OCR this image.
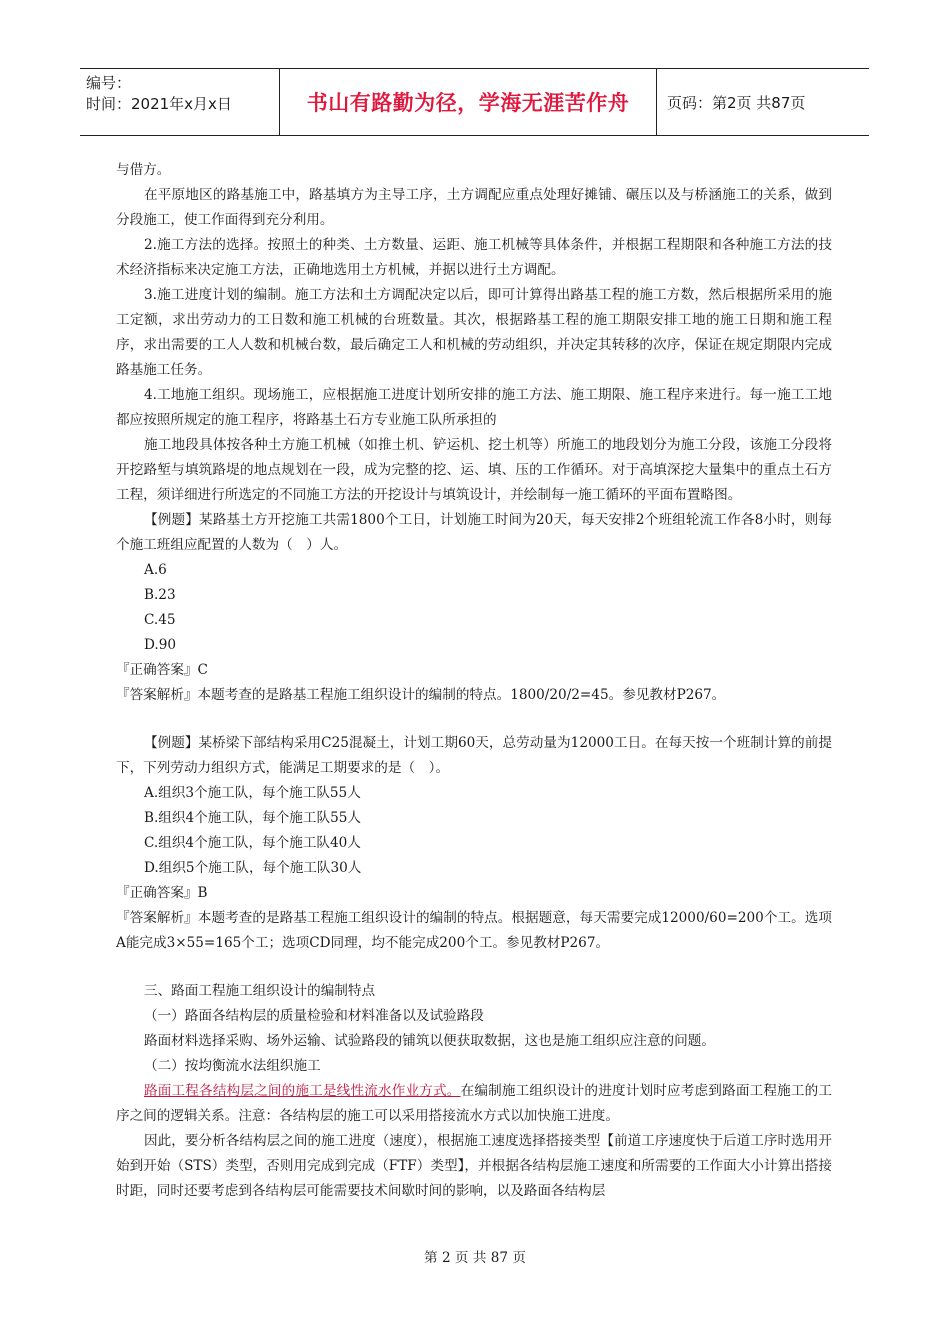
编号：
时间：2021年x月x日	书山有路勤为径，学海无涯苦作舟	页码：第2页 共87页

与借方。

在平原地区的路基施工中，路基填方为主导工序，土方调配应重点处理好摊铺、碾压以及与桥涵施工的关系，做到分段施工，使工作面得到充分利用。

2.施工方法的选择。按照土的种类、土方数量、运距、施工机械等具体条件，并根据工程期限和各种施工方法的技术经济指标来决定施工方法，正确地选用土方机械，并据以进行土方调配。

3.施工进度计划的编制。施工方法和土方调配决定以后，即可计算得出路基工程的施工方数，然后根据所采用的施工定额，求出劳动力的工日数和施工机械的台班数量。其次，根据路基工程的施工期限安排工地的施工日期和施工程序，求出需要的工人人数和机械台数，最后确定工人和机械的劳动组织，并决定其转移的次序，保证在规定期限内完成路基施工任务。

4.工地施工组织。现场施工，应根据施工进度计划所安排的施工方法、施工期限、施工程序来进行。每一施工工地都应按照所规定的施工程序，将路基土石方专业施工队所承担的

施工地段具体按各种土方施工机械（如推土机、铲运机、挖土机等）所施工的地段划分为施工分段，该施工分段将开挖路堑与填筑路堤的地点规划在一段，成为完整的挖、运、填、压的工作循环。对于高填深挖大量集中的重点土石方工程，须详细进行所选定的不同施工方法的开挖设计与填筑设计，并绘制每一施工循环的平面布置略图。

【例题】某路基土方开挖施工共需1800个工日，计划施工时间为20天，每天安排2个班组轮流工作各8小时，则每个施工班组应配置的人数为（　）人。

A.6

B.23

C.45

D.90

『正确答案』C

『答案解析』本题考查的是路基工程施工组织设计的编制的特点。1800/20/2=45。参见教材P267。

【例题】某桥梁下部结构采用C25混凝土，计划工期60天，总劳动量为12000工日。在每天按一个班制计算的前提下，下列劳动力组织方式，能满足工期要求的是（　）。

A.组织3个施工队，每个施工队55人

B.组织4个施工队，每个施工队55人

C.组织4个施工队，每个施工队40人

D.组织5个施工队，每个施工队30人

『正确答案』B

『答案解析』本题考查的是路基工程施工组织设计的编制的特点。根据题意，每天需要完成12000/60=200个工。选项A能完成3×55=165个工；选项CD同理，均不能完成200个工。参见教材P267。

三、路面工程施工组织设计的编制特点

（一）路面各结构层的质量检验和材料准备以及试验路段

路面材料选择采购、场外运输、试验路段的铺筑以便获取数据，这也是施工组织应注意的问题。

（二）按均衡流水法组织施工

路面工程各结构层之间的施工是线性流水作业方式。在编制施工组织设计的进度计划时应考虑到路面工程施工的工序之间的逻辑关系。注意：各结构层的施工可以采用搭接流水方式以加快施工进度。

因此，要分析各结构层之间的施工进度（速度），根据施工速度选择搭接类型【前道工序速度快于后道工序时选用开始到开始（STS）类型，否则用完成到完成（FTF）类型】，并根据各结构层施工速度和所需要的工作面大小计算出搭接时距，同时还要考虑到各结构层可能需要技术间歇时间的影响，以及路面各结构层

第 2 页 共 87 页
